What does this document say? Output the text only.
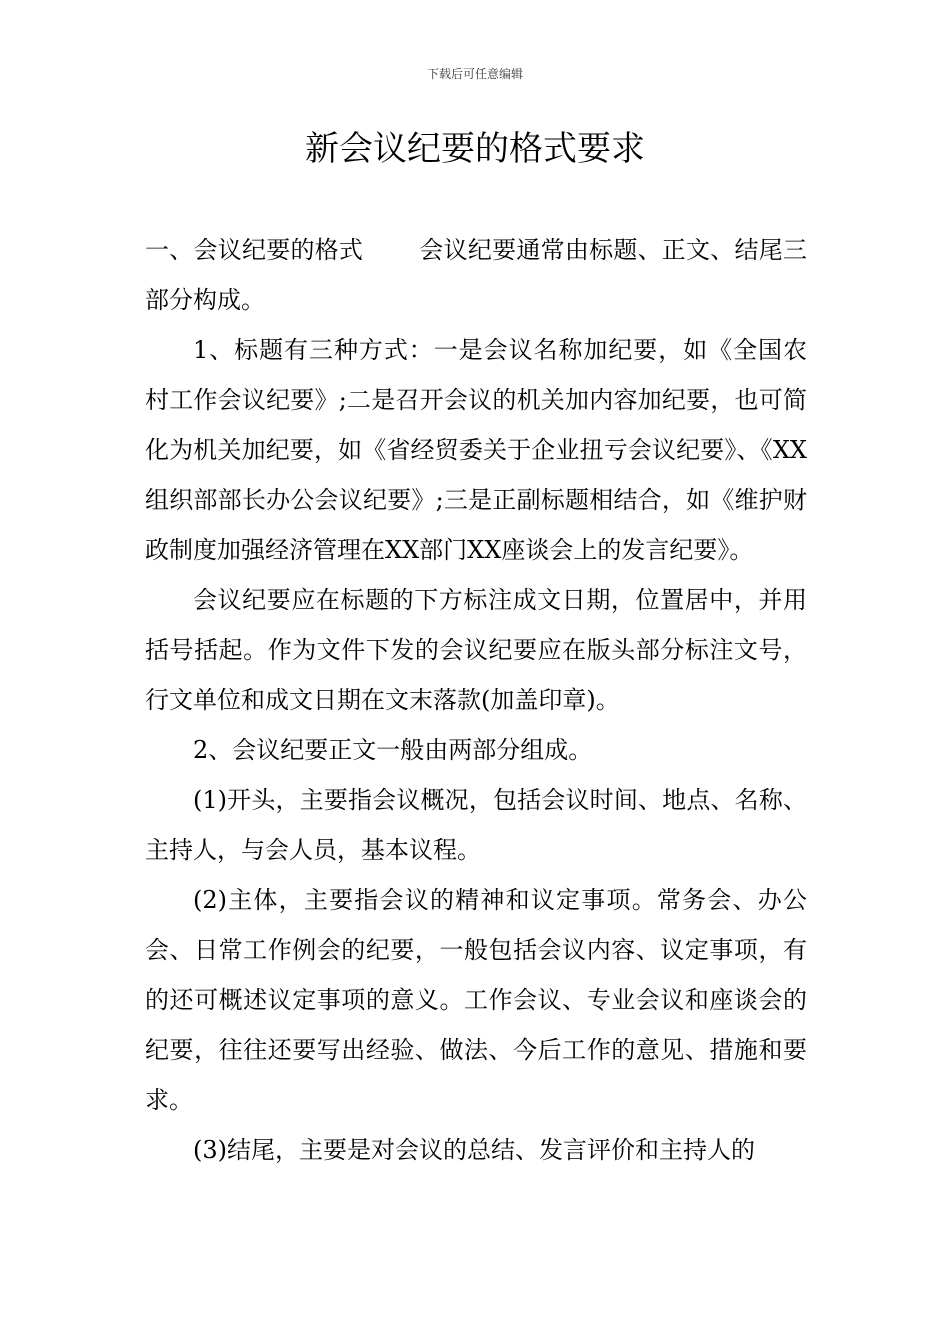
下载后可任意编辑
新会议纪要的格式要求

一、会议纪要的格式 会议纪要通常由标题、正文、结尾三部分构成。

1、标题有三种方式：一是会议名称加纪要，如《全国农村工作会议纪要》;二是召开会议的机关加内容加纪要，也可简化为机关加纪要，如《省经贸委关于企业扭亏会议纪要》、《XX组织部部长办公会议纪要》;三是正副标题相结合，如《维护财政制度加强经济管理在XX部门XX座谈会上的发言纪要》。

会议纪要应在标题的下方标注成文日期，位置居中，并用括号括起。作为文件下发的会议纪要应在版头部分标注文号，行文单位和成文日期在文末落款(加盖印章)。

2、会议纪要正文一般由两部分组成。

(1)开头，主要指会议概况，包括会议时间、地点、名称、主持人，与会人员，基本议程。

(2)主体，主要指会议的精神和议定事项。常务会、办公会、日常工作例会的纪要，一般包括会议内容、议定事项，有的还可概述议定事项的意义。工作会议、专业会议和座谈会的纪要，往往还要写出经验、做法、今后工作的意见、措施和要求。

(3)结尾，主要是对会议的总结、发言评价和主持人的
